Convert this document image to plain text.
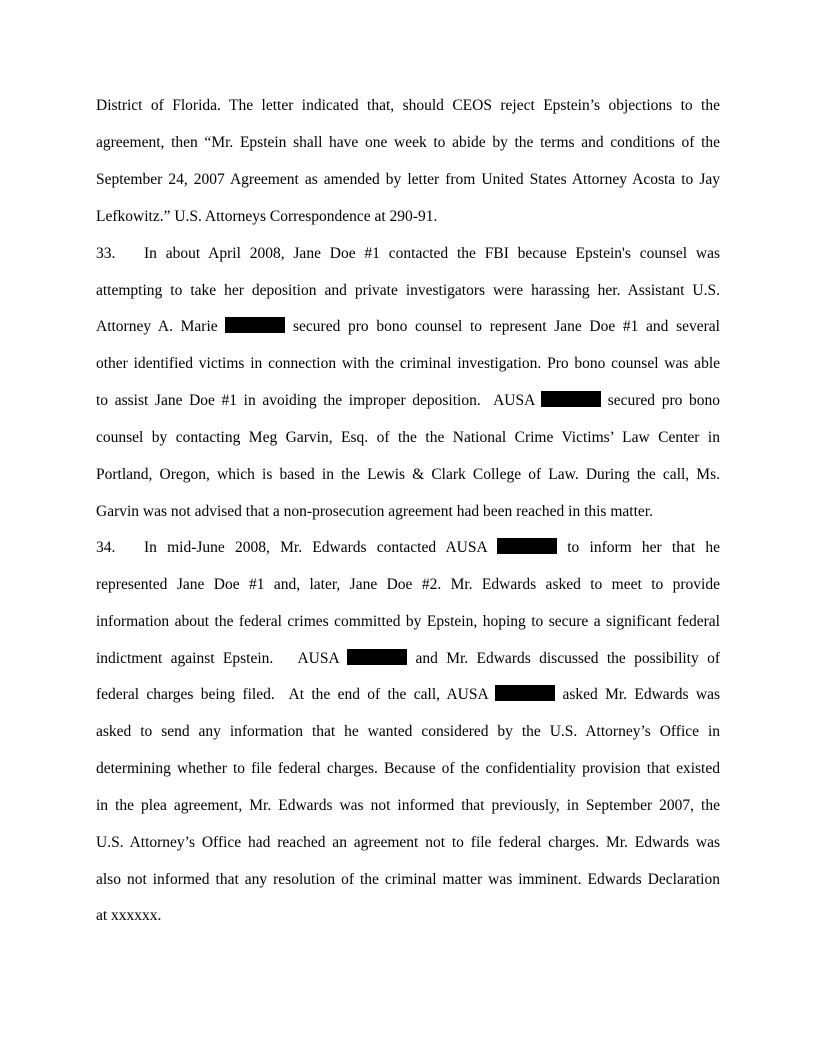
District of Florida. The letter indicated that, should CEOS reject Epstein’s objections to the
agreement, then “Mr. Epstein shall have one week to abide by the terms and conditions of the
September 24, 2007 Agreement as amended by letter from United States Attorney Acosta to Jay
Lefkowitz.” U.S. Attorneys Correspondence at 290-91.
33. In about April 2008, Jane Doe #1 contacted the FBI because Epstein's counsel was
attempting to take her deposition and private investigators were harassing her. Assistant U.S.
Attorney A. Marie	secured pro bono counsel to represent Jane Doe #1 and several
other identified victims in connection with the criminal investigation. Pro bono counsel was able
to assist Jane Doe #1 in avoiding the improper deposition.  AUSA	secured pro bono
counsel by contacting Meg Garvin, Esq. of the the National Crime Victims’ Law Center in
Portland, Oregon, which is based in the Lewis & Clark College of Law. During the call, Ms.
Garvin was not advised that a non-prosecution agreement had been reached in this matter.
34. In mid-June 2008, Mr. Edwards contacted AUSA	to inform her that he
represented Jane Doe #1 and, later, Jane Doe #2. Mr. Edwards asked to meet to provide
information about the federal crimes committed by Epstein, hoping to secure a significant federal
indictment against Epstein.   AUSA	and Mr. Edwards discussed the possibility of
federal charges being filed.  At the end of the call, AUSA	asked Mr. Edwards was
asked to send any information that he wanted considered by the U.S. Attorney’s Office in
determining whether to file federal charges. Because of the confidentiality provision that existed
in the plea agreement, Mr. Edwards was not informed that previously, in September 2007, the
U.S. Attorney’s Office had reached an agreement not to file federal charges. Mr. Edwards was
also not informed that any resolution of the criminal matter was imminent. Edwards Declaration
at xxxxxx.
